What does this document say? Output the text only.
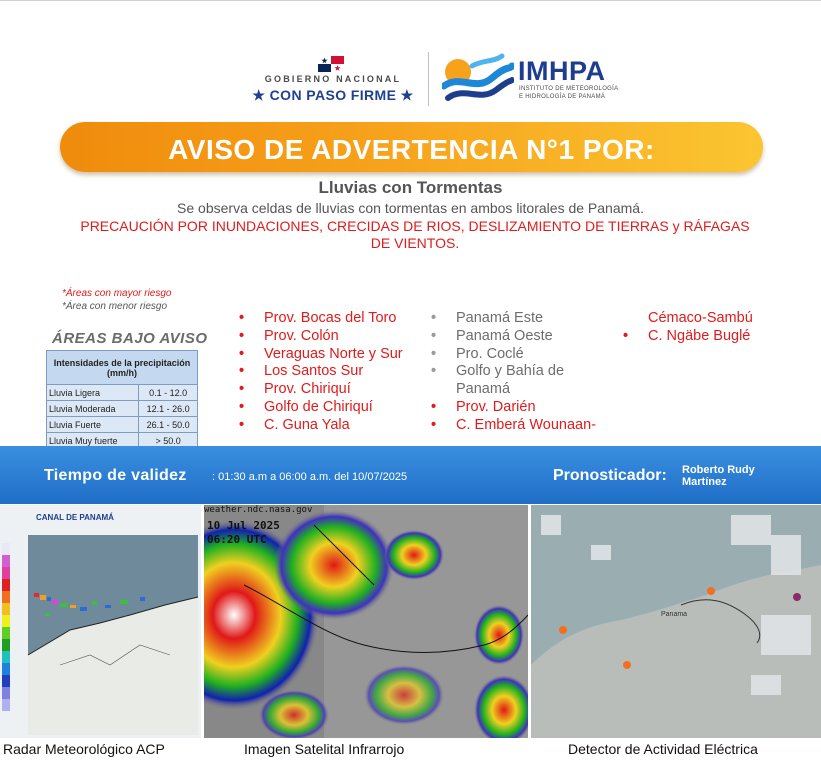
GOBIERNO NACIONAL
★ CON PASO FIRME ★
IMHPA
INSTITUTO DE METEOROLOGÍA
E HIDROLOGÍA DE PANAMÁ
AVISO DE ADVERTENCIA N°1 POR:
Lluvias con Tormentas
Se observa celdas de lluvias con tormentas en ambos litorales de Panamá.
PRECAUCIÓN POR INUNDACIONES, CRECIDAS DE RIOS, DESLIZAMIENTO DE TIERRAS y RÁFAGAS DE VIENTOS.
*Áreas con mayor riesgo
*Área con menor riesgo
ÁREAS BAJO AVISO
Intensidades de la precipitación (mm/h)	
Lluvia Ligera	0.1 - 12.0
Lluvia Moderada	12.1 - 26.0
Lluvia Fuerte	26.1 - 50.0
Lluvia Muy fuerte	> 50.0
• Prov. Bocas del Toro
• Prov. Colón
• Veraguas Norte y Sur
• Los Santos Sur
• Prov. Chiriquí
• Golfo de Chiriquí
• C. Guna Yala
• Panamá Este
• Panamá Oeste
• Pro. Coclé
• Golfo y Bahía de Panamá
• Prov. Darién
• C. Emberá Wounaan-
Cémaco-Sambú
• C. Ngäbe Buglé
Tiempo de validez : 01:30 a.m a 06:00 a.m. del 10/07/2025	Pronosticador: Roberto Rudy Martínez
CANAL DE PANAMÁ
weather.ndc.nasa.gov
10 Jul 2025
06:20 UTC
Panama
Radar Meteorológico ACP	Imagen Satelital Infrarrojo	Detector de Actividad Eléctrica
